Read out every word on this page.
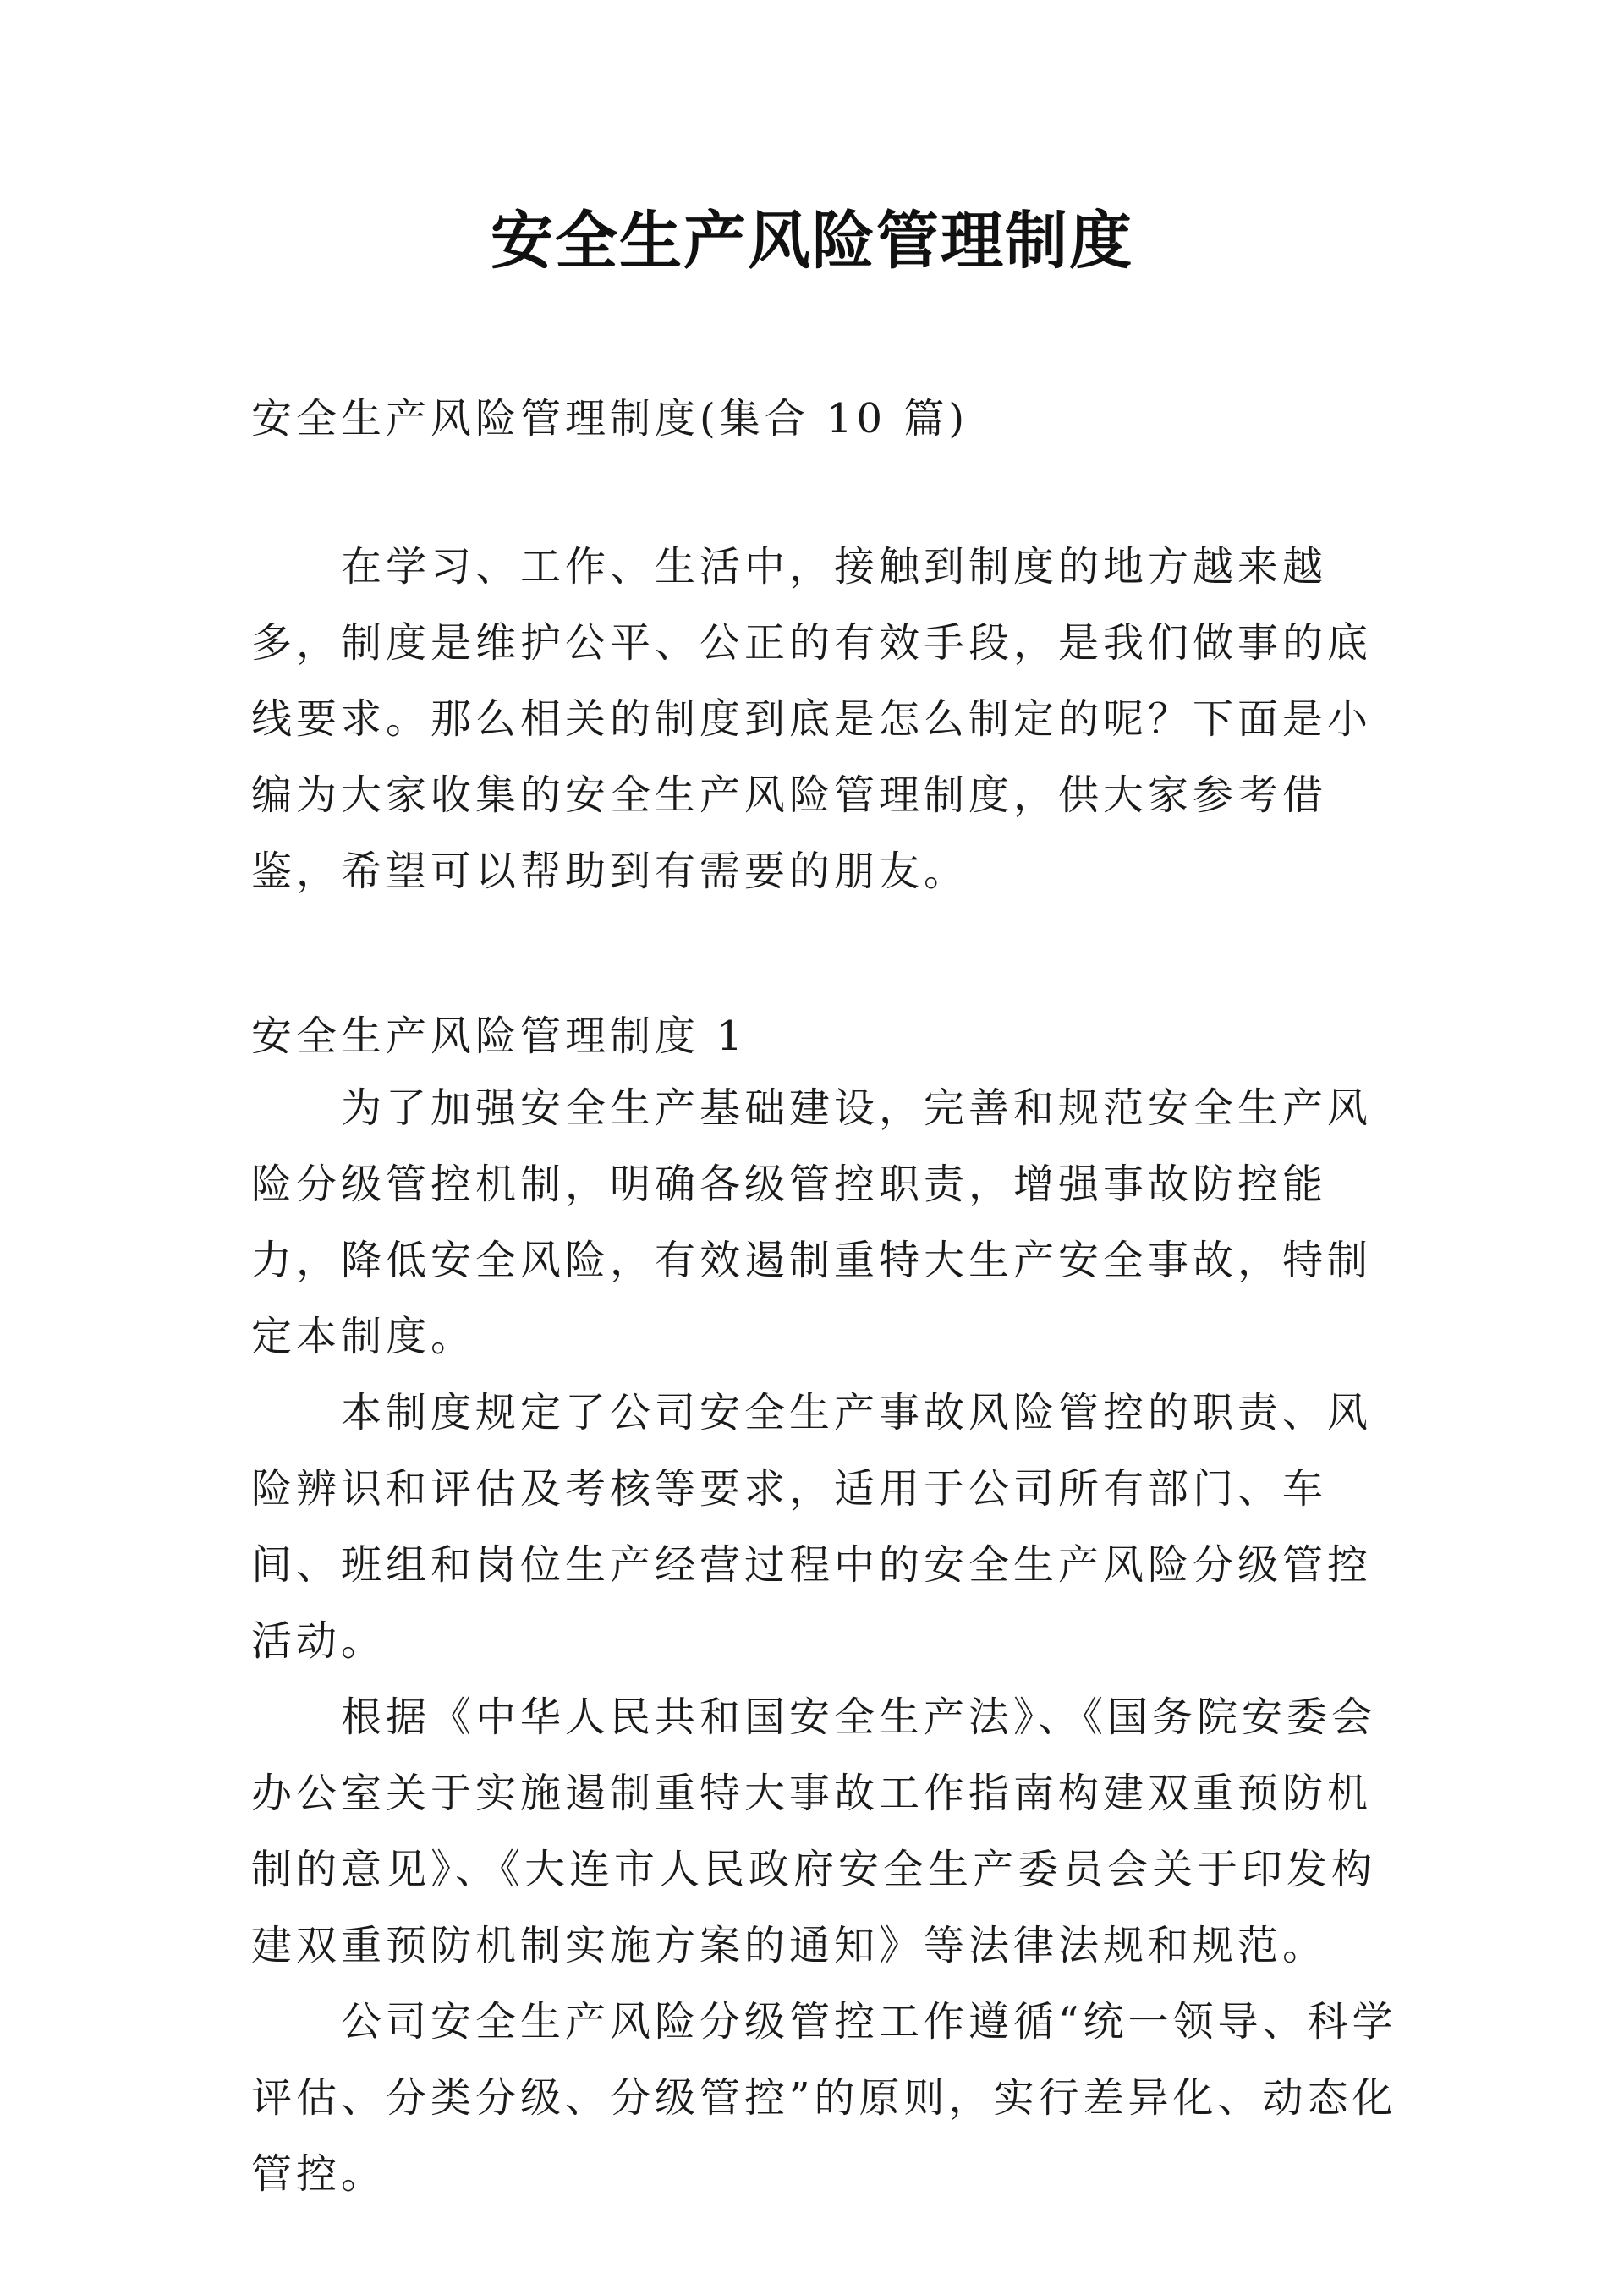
安全生产风险管理制度
安全生产风险管理制度(集合 10 篇)
在学习、工作、生活中，接触到制度的地方越来越多，制度是维护公平、公正的有效手段，是我们做事的底线要求。那么相关的制度到底是怎么制定的呢？下面是小编为大家收集的安全生产风险管理制度，供大家参考借鉴，希望可以帮助到有需要的朋友。
安全生产风险管理制度 1

为了加强安全生产基础建设，完善和规范安全生产风险分级管控机制，明确各级管控职责，增强事故防控能力，降低安全风险，有效遏制重特大生产安全事故，特制定本制度。

本制度规定了公司安全生产事故风险管控的职责、风险辨识和评估及考核等要求，适用于公司所有部门、车间、班组和岗位生产经营过程中的安全生产风险分级管控活动。

根据《中华人民共和国安全生产法》、《国务院安委会办公室关于实施遏制重特大事故工作指南构建双重预防机制的意见》、《大连市人民政府安全生产委员会关于印发构建双重预防机制实施方案的通知》等法律法规和规范。

公司安全生产风险分级管控工作遵循“统一领导、科学评估、分类分级、分级管控”的原则，实行差异化、动态化管控。
